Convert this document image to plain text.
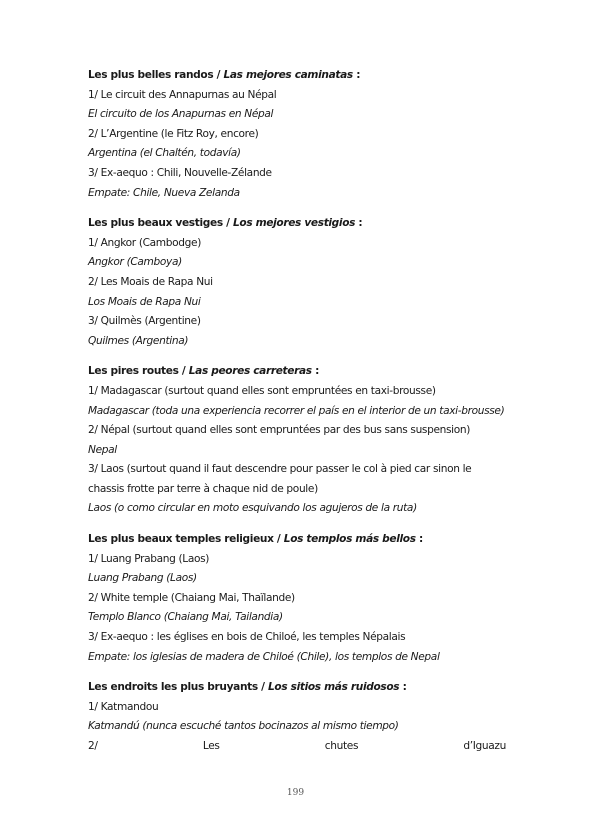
Les plus belles randos / Las mejores caminatas :
1/ Le circuit des Annapurnas au Népal
El circuito de los Anapurnas en Népal
2/ L’Argentine (le Fitz Roy, encore)
Argentina (el Chaltén, todavía)
3/ Ex-aequo : Chili, Nouvelle-Zélande
Empate: Chile, Nueva Zelanda
Les plus beaux vestiges / Los mejores vestigios :
1/ Angkor (Cambodge)
Angkor (Camboya)
2/ Les Moais de Rapa Nui
Los Moais de Rapa Nui
3/ Quilmès (Argentine)
Quilmes (Argentina)
Les pires routes / Las peores carreteras :
1/ Madagascar (surtout quand elles sont empruntées en taxi-brousse)
Madagascar (toda una experiencia recorrer el país en el interior de un taxi-brousse)
2/ Népal (surtout quand elles sont empruntées par des bus sans suspension)
Nepal
3/ Laos (surtout quand il faut descendre pour passer le col à pied car sinon le chassis frotte par terre à chaque nid de poule)
Laos (o como circular en moto esquivando los agujeros de la ruta)
Les plus beaux temples religieux / Los templos más bellos :
1/ Luang Prabang (Laos)
Luang Prabang (Laos)
2/ White temple (Chaiang Mai, Thaïlande)
Templo Blanco (Chaiang Mai, Tailandia)
3/ Ex-aequo : les églises en bois de Chiloé, les temples Népalais
Empate: los iglesias de madera de Chiloé (Chile), los templos de Nepal
Les endroits les plus bruyants / Los sitios más ruidosos :
1/ Katmandou
Katmandú (nunca escuché tantos bocinazos al mismo tiempo)
2/	Les	chutes	d’Iguazu
199
